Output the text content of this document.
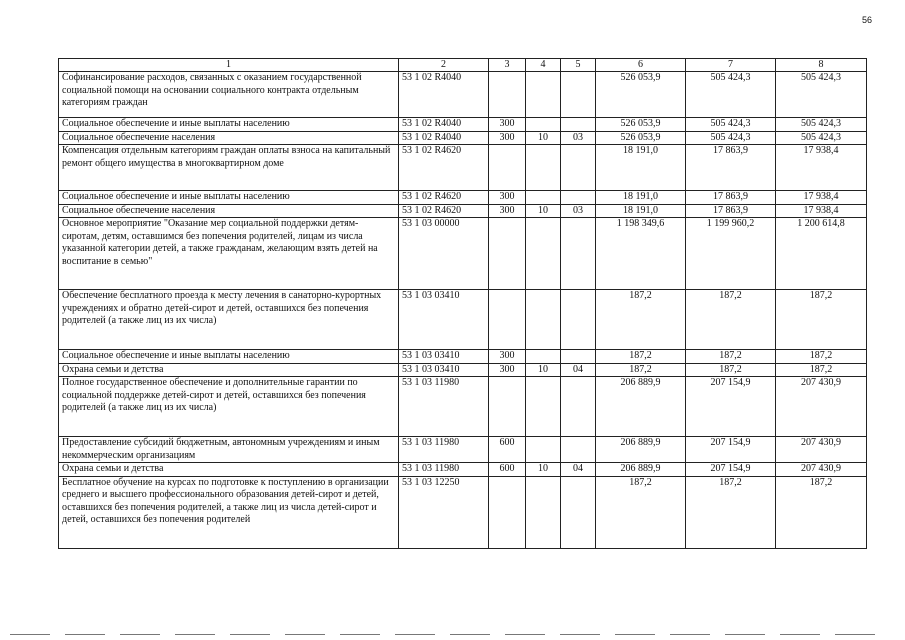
56
1	2	3	4	5	6	7	8
Софинансирование расходов, связанных с оказанием государственной социальной помощи на основании социального контракта отдельным категориям граждан	53 1 02 R4040				526 053,9	505 424,3	505 424,3
Социальное обеспечение и иные выплаты населению	53 1 02 R4040	300			526 053,9	505 424,3	505 424,3
Социальное обеспечение населения	53 1 02 R4040	300	10	03	526 053,9	505 424,3	505 424,3
Компенсация отдельным категориям граждан оплаты взноса на капитальный ремонт общего имущества в многоквартирном доме	53 1 02 R4620				18 191,0	17 863,9	17 938,4
Социальное обеспечение и иные выплаты населению	53 1 02 R4620	300			18 191,0	17 863,9	17 938,4
Социальное обеспечение населения	53 1 02 R4620	300	10	03	18 191,0	17 863,9	17 938,4
Основное мероприятие "Оказание мер социальной поддержки детям-сиротам, детям, оставшимся без попечения родителей, лицам из числа указанной категории детей, а также гражданам, желающим взять детей на воспитание в семью"	53 1 03 00000				1 198 349,6	1 199 960,2	1 200 614,8
Обеспечение бесплатного проезда к месту лечения в санаторно-курортных учреждениях и обратно детей-сирот и детей, оставшихся без попечения родителей (а также лиц из их числа)	53 1 03 03410				187,2	187,2	187,2
Социальное обеспечение и иные выплаты населению	53 1 03 03410	300			187,2	187,2	187,2
Охрана семьи и детства	53 1 03 03410	300	10	04	187,2	187,2	187,2
Полное государственное обеспечение и дополнительные гарантии по социальной поддержке детей-сирот и детей, оставшихся без попечения родителей (а также лиц из их числа)	53 1 03 11980				206 889,9	207 154,9	207 430,9
Предоставление субсидий бюджетным, автономным учреждениям и иным некоммерческим организациям	53 1 03 11980	600			206 889,9	207 154,9	207 430,9
Охрана семьи и детства	53 1 03 11980	600	10	04	206 889,9	207 154,9	207 430,9
Бесплатное обучение на курсах по подготовке к поступлению в организации среднего и высшего профессионального образования детей-сирот и детей, оставшихся без попечения родителей, а также лиц из числа детей-сирот и детей, оставшихся без попечения родителей	53 1 03 12250				187,2	187,2	187,2
